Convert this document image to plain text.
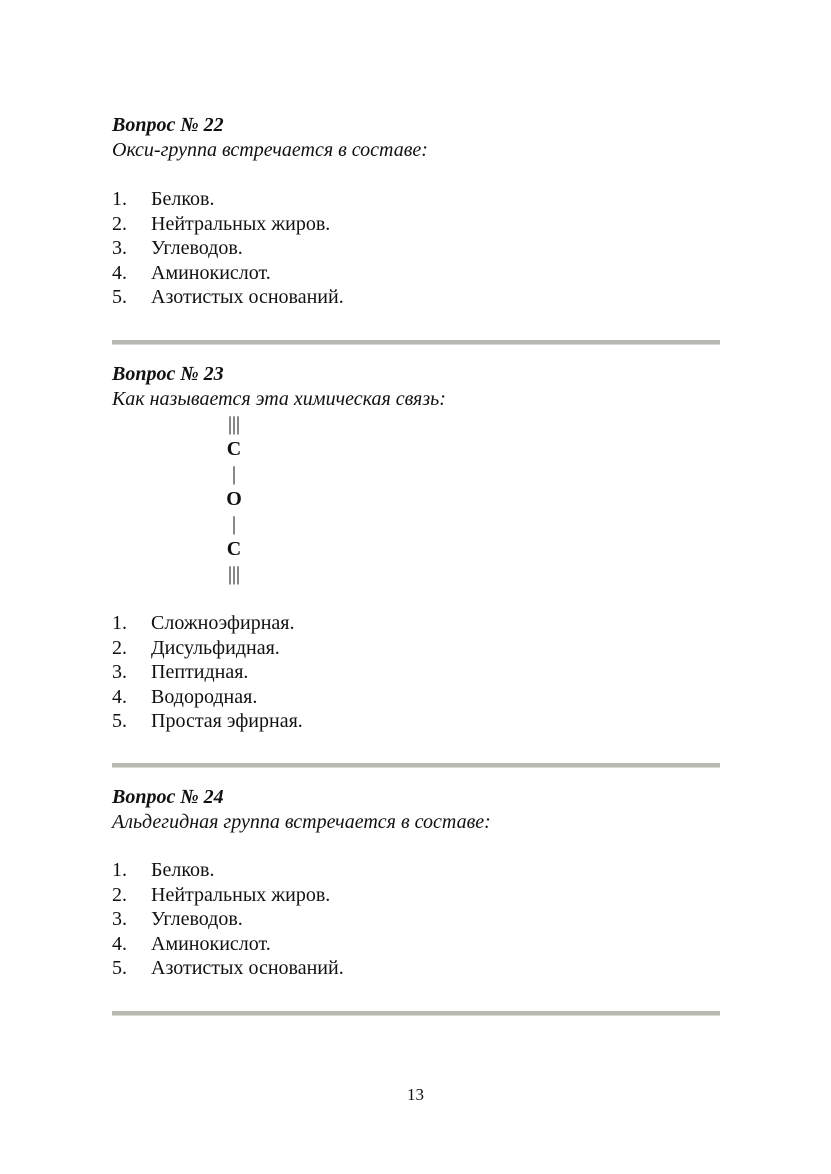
Вопрос № 22

Окси-группа встречается в составе:

1. Белков.
2. Нейтральных жиров.
3. Углеводов.
4. Аминокислот.
5. Азотистых оснований.

Вопрос № 23

Как называется эта химическая связь:

|||
C
|
O
|
C
|||
1. Сложноэфирная.
2. Дисульфидная.
3. Пептидная.
4. Водородная.
5. Простая эфирная.

Вопрос № 24

Альдегидная группа встречается в составе:

1. Белков.
2. Нейтральных жиров.
3. Углеводов.
4. Аминокислот.
5. Азотистых оснований.
13
